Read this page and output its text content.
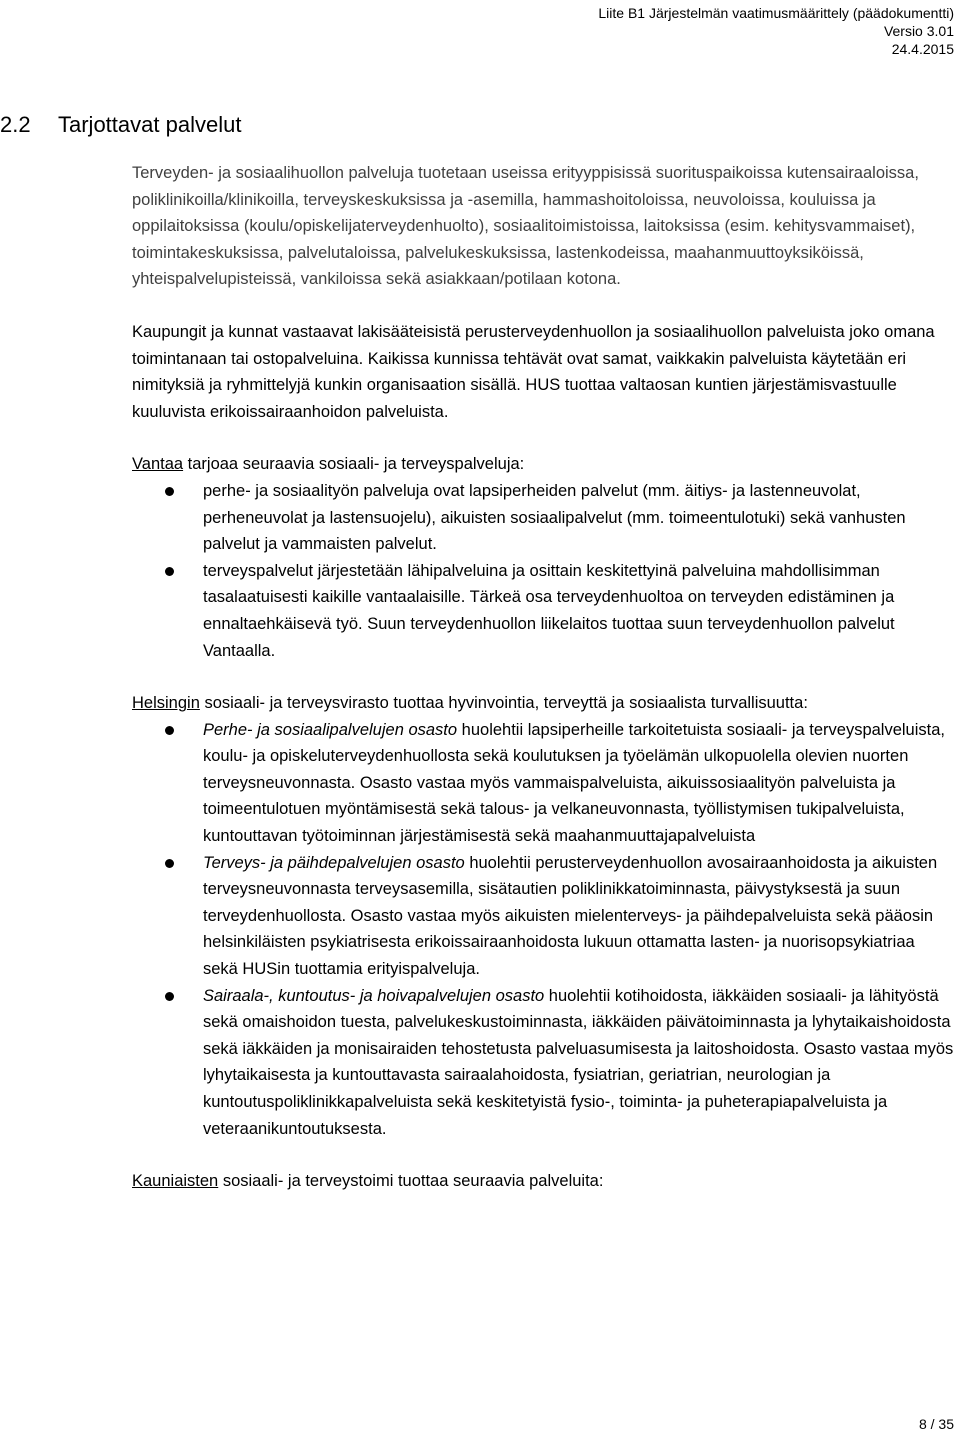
Liite B1 Järjestelmän vaatimusmäärittely (päädokumentti)
Versio 3.01
24.4.2015
2.2 Tarjottavat palvelut

Terveyden- ja sosiaalihuollon palveluja tuotetaan useissa erityyppisissä suorituspaikoissa kutensairaaloissa, poliklinikoilla/klinikoilla, terveyskeskuksissa ja -asemilla, hammashoitoloissa, neuvoloissa, kouluissa ja oppilaitoksissa (koulu/opiskelijaterveydenhuolto), sosiaalitoimistoissa, laitoksissa (esim. kehitysvammaiset), toimintakeskuksissa, palvelutaloissa, palvelukeskuksissa, lastenkodeissa, maahanmuuttoyksiköissä, yhteispalvelupisteissä, vankiloissa sekä asiakkaan/potilaan kotona.

Kaupungit ja kunnat vastaavat lakisääteisistä perusterveydenhuollon ja sosiaalihuollon palveluista joko omana toimintanaan tai ostopalveluina. Kaikissa kunnissa tehtävät ovat samat, vaikkakin palveluista käytetään eri nimityksiä ja ryhmittelyjä kunkin organisaation sisällä. HUS tuottaa valtaosan kuntien järjestämisvastuulle kuuluvista erikoissairaanhoidon palveluista.

Vantaa tarjoaa seuraavia sosiaali- ja terveyspalveluja:

perhe- ja sosiaalityön palveluja ovat lapsiperheiden palvelut (mm. äitiys- ja lastenneuvolat, perheneuvolat ja lastensuojelu), aikuisten sosiaalipalvelut (mm. toimeentulotuki) sekä vanhusten palvelut ja vammaisten palvelut.
terveyspalvelut järjestetään lähipalveluina ja osittain keskitettyinä palveluina mahdollisimman tasalaatuisesti kaikille vantaalaisille. Tärkeä osa terveydenhuoltoa on terveyden edistäminen ja ennaltaehkäisevä työ. Suun terveydenhuollon liikelaitos tuottaa suun terveydenhuollon palvelut Vantaalla.

Helsingin sosiaali- ja terveysvirasto tuottaa hyvinvointia, terveyttä ja sosiaalista turvallisuutta:

Perhe- ja sosiaalipalvelujen osasto huolehtii lapsiperheille tarkoitetuista sosiaali- ja terveyspalveluista, koulu- ja opiskeluterveydenhuollosta sekä koulutuksen ja työelämän ulkopuolella olevien nuorten terveysneuvonnasta. Osasto vastaa myös vammaispalveluista, aikuissosiaalityön palveluista ja toimeentulotuen myöntämisestä sekä talous- ja velkaneuvonnasta, työllistymisen tukipalveluista, kuntouttavan työtoiminnan järjestämisestä sekä maahanmuuttajapalveluista
Terveys- ja päihdepalvelujen osasto huolehtii perusterveydenhuollon avosairaanhoidosta ja aikuisten terveysneuvonnasta terveysasemilla, sisätautien poliklinikkatoiminnasta, päivystyksestä ja suun terveydenhuollosta. Osasto vastaa myös aikuisten mielenterveys- ja päihdepalveluista sekä pääosin helsinkiläisten psykiatrisesta erikoissairaanhoidosta lukuun ottamatta lasten- ja nuorisopsykiatriaa sekä HUSin tuottamia erityispalveluja.
Sairaala-, kuntoutus- ja hoivapalvelujen osasto huolehtii kotihoidosta, iäkkäiden sosiaali- ja lähityöstä sekä omaishoidon tuesta, palvelukeskustoiminnasta, iäkkäiden päivätoiminnasta ja lyhytaikaishoidosta sekä iäkkäiden ja monisairaiden tehostetusta palveluasumisesta ja laitoshoidosta. Osasto vastaa myös lyhytaikaisesta ja kuntouttavasta sairaalahoidosta, fysiatrian, geriatrian, neurologian ja kuntoutuspoliklinikkapalveluista sekä keskitetyistä fysio-, toiminta- ja puheterapiapalveluista ja veteraanikuntoutuksesta.

Kauniaisten sosiaali- ja terveystoimi tuottaa seuraavia palveluita:

8 / 35
